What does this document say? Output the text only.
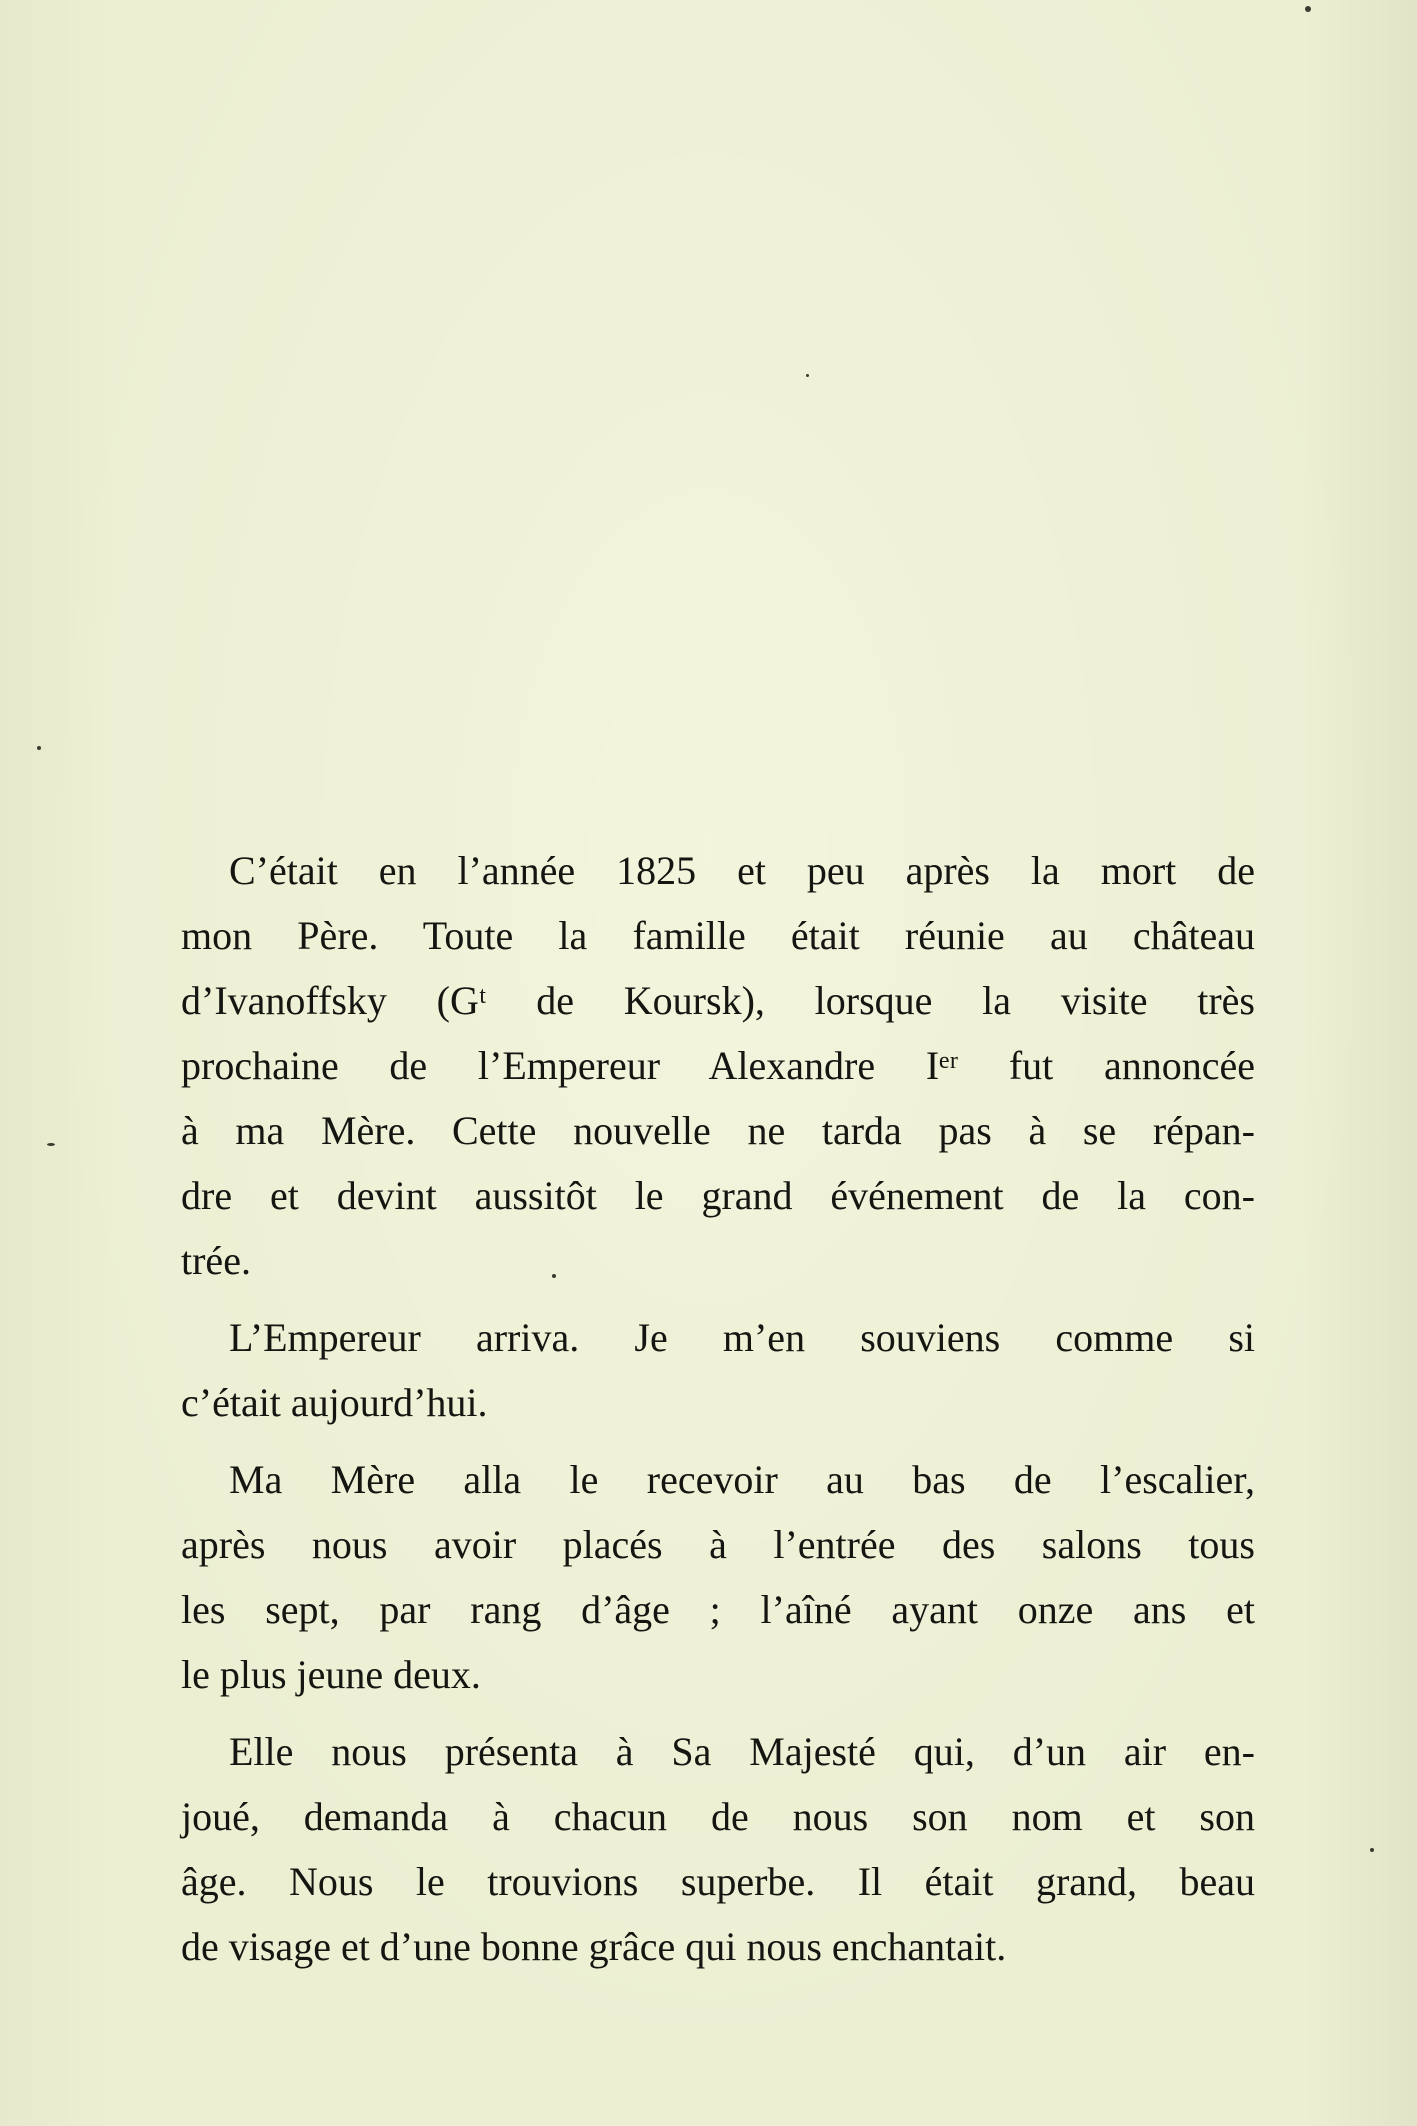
C’était en l’année 1825 et peu après la mort de
mon Père. Toute la famille était réunie au château
d’Ivanoffsky (Gᵗ de Koursk), lorsque la visite très
prochaine de l’Empereur Alexandre Iᵉʳ fut annoncée
à ma Mère. Cette nouvelle ne tarda pas à se répan-
dre et devint aussitôt le grand événement de la con-
trée.

L’Empereur arriva. Je m’en souviens comme si
c’était aujourd’hui.

Ma Mère alla le recevoir au bas de l’escalier,
après nous avoir placés à l’entrée des salons tous
les sept, par rang d’âge ; l’aîné ayant onze ans et
le plus jeune deux.

Elle nous présenta à Sa Majesté qui, d’un air en-
joué, demanda à chacun de nous son nom et son
âge. Nous le trouvions superbe. Il était grand, beau
de visage et d’une bonne grâce qui nous enchantait.
